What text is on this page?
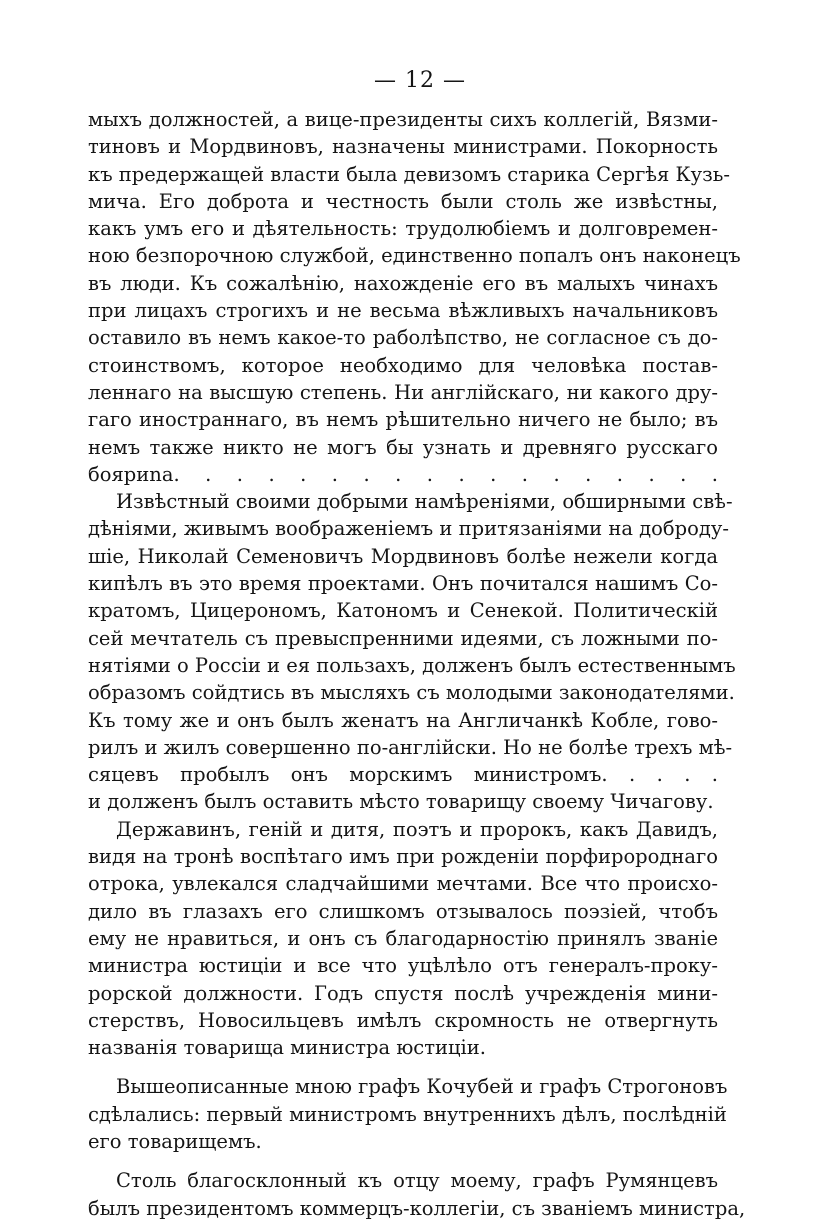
— 12 —
мыхъ должностей, а вице-президенты сихъ коллегій, Вязми-
тиновъ и Мордвиновъ, назначены министрами. Покорность
къ предержащей власти была девизомъ старика Сергѣя Кузь-
мича. Его доброта и честность были столь же извѣстны,
какъ умъ его и дѣятельность: трудолюбіемъ и долговремен-
ною безпорочною службой, единственно попалъ онъ наконецъ
въ люди. Къ сожалѣнію, нахожденіе его въ малыхъ чинахъ
при лицахъ строгихъ и не весьма вѣжливыхъ начальниковъ
оставило въ немъ какое-то раболѣпство, не согласное съ до-
стоинствомъ, которое необходимо для человѣка постав-
леннаго на высшую степень. Ни англійскаго, ни какого дру-
гаго иностраннаго, въ немъ рѣшительно ничего не было; въ
немъ также никто не могъ бы узнать и древняго русскаго
бояриnа. . . . . . . . . . . . . . . . . .
Извѣстный своими добрыми намѣреніями, обширными свѣ-
дѣніями, живымъ воображеніемъ и притязаніями на доброду-
шіе, Николай Семеновичъ Мордвиновъ болѣе нежели когда
кипѣлъ въ это время проектами. Онъ почитался нашимъ Со-
кратомъ, Цицерономъ, Катономъ и Сенекой. Политическій
сей мечтатель съ превыспренними идеями, съ ложными по-
нятіями о Россіи и ея пользахъ, долженъ былъ естественнымъ
образомъ сойдтись въ мысляхъ съ молодыми законодателями.
Къ тому же и онъ былъ женатъ на Англичанкѣ Кобле, гово-
рилъ и жилъ совершенно по-англійски. Но не болѣе трехъ мѣ-
сяцевъ пробылъ онъ морскимъ министромъ. . . . .
и долженъ былъ оставить мѣсто товарищу своему Чичагову.
Державинъ, геній и дитя, поэтъ и пророкъ, какъ Давидъ,
видя на тронѣ воспѣтаго имъ при рожденіи порфиророднаго
отрока, увлекался сладчайшими мечтами. Все что происхо-
дило въ глазахъ его слишкомъ отзывалось поэзіей, чтобъ
ему не нравиться, и онъ съ благодарностію принялъ званіе
министра юстиціи и все что уцѣлѣло отъ генералъ-проку-
рорской должности. Годъ спустя послѣ учрежденія мини-
стерствъ, Новосильцевъ имѣлъ скромность не отвергнуть
названія товарища министра юстиціи.
Вышеописанные мною графъ Кочубей и графъ Строгоновъ
сдѣлались: первый министромъ внутреннихъ дѣлъ, послѣдній
его товарищемъ.
Столь благосклонный къ отцу моему, графъ Румянцевъ
былъ президентомъ коммерцъ-коллегіи, съ званіемъ министра,
